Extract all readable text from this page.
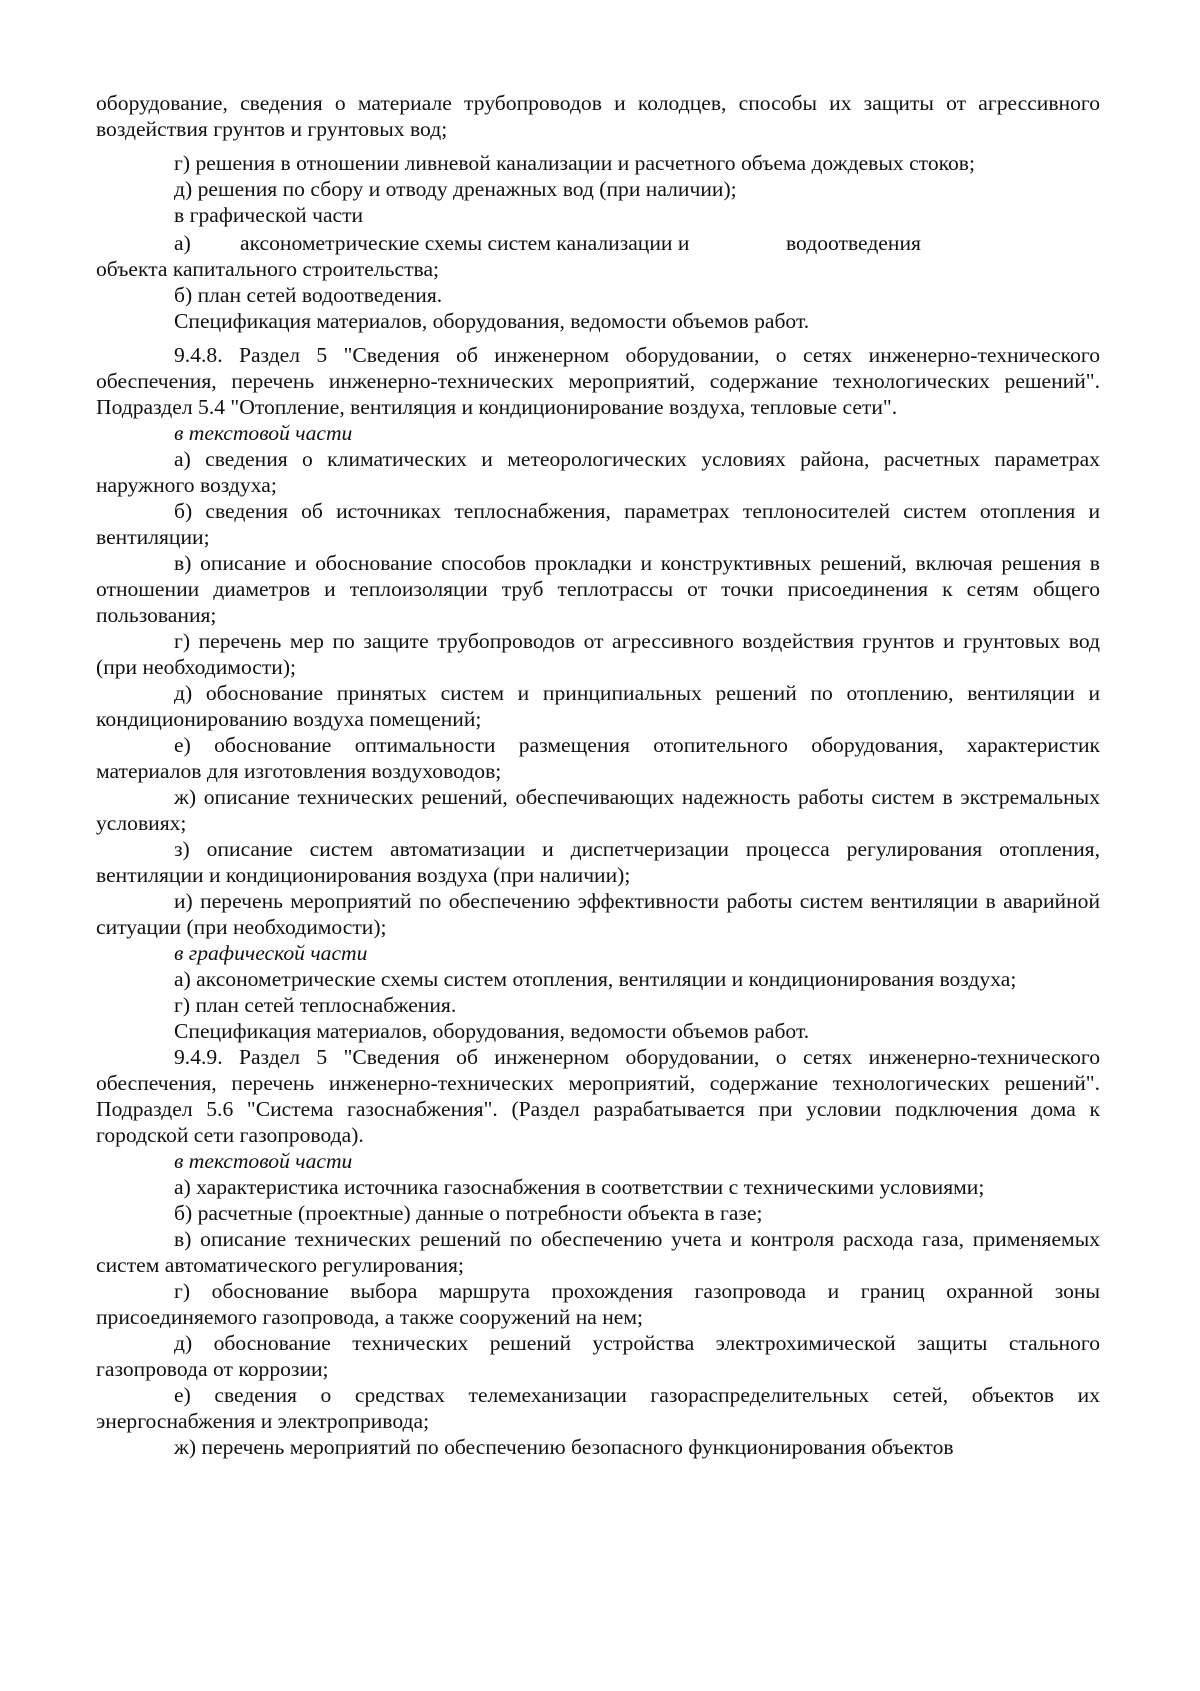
оборудование, сведения о материале трубопроводов и колодцев, способы их защиты от агрессивного воздействия грунтов и грунтовых вод;

г) решения в отношении ливневой канализации и расчетного объема дождевых стоков;

д) решения по сбору и отводу дренажных вод (при наличии);

в графической части

а)	аксонометрические схемы систем канализации и	водоотведения

объекта капитального строительства;

б) план сетей водоотведения.

Спецификация материалов, оборудования, ведомости объемов работ.

9.4.8. Раздел 5 "Сведения об инженерном оборудовании, о сетях инженерно-технического обеспечения, перечень инженерно-технических мероприятий, содержание технологических решений". Подраздел 5.4 "Отопление, вентиляция и кондиционирование воздуха, тепловые сети".

в текстовой части

а) сведения о климатических и метеорологических условиях района, расчетных параметрах наружного воздуха;

б) сведения об источниках теплоснабжения, параметрах теплоносителей систем отопления и вентиляции;

в) описание и обоснование способов прокладки и конструктивных решений, включая решения в отношении диаметров и теплоизоляции труб теплотрассы от точки присоединения к сетям общего пользования;

г) перечень мер по защите трубопроводов от агрессивного воздействия грунтов и грунтовых вод (при необходимости);

д) обоснование принятых систем и принципиальных решений по отоплению, вентиляции и кондиционированию воздуха помещений;

е) обоснование оптимальности размещения отопительного оборудования, характеристик материалов для изготовления воздуховодов;

ж) описание технических решений, обеспечивающих надежность работы систем в экстремальных условиях;

з) описание систем автоматизации и диспетчеризации процесса регулирования отопления, вентиляции и кондиционирования воздуха (при наличии);

и) перечень мероприятий по обеспечению эффективности работы систем вентиляции в аварийной ситуации (при необходимости);

в графической части

а) аксонометрические схемы систем отопления, вентиляции и кондиционирования воздуха;

г) план сетей теплоснабжения.

Спецификация материалов, оборудования, ведомости объемов работ.

9.4.9. Раздел 5 "Сведения об инженерном оборудовании, о сетях инженерно-технического обеспечения, перечень инженерно-технических мероприятий, содержание технологических решений". Подраздел 5.6 "Система газоснабжения". (Раздел разрабатывается при условии подключения дома к городской сети газопровода).

в текстовой части

а) характеристика источника газоснабжения в соответствии с техническими условиями;

б) расчетные (проектные) данные о потребности объекта в газе;

в) описание технических решений по обеспечению учета и контроля расхода газа, применяемых систем автоматического регулирования;

г) обоснование выбора маршрута прохождения газопровода и границ охранной зоны присоединяемого газопровода, а также сооружений на нем;

д) обоснование технических решений устройства электрохимической защиты стального газопровода от коррозии;

е) сведения о средствах телемеханизации газораспределительных сетей, объектов их энергоснабжения и электропривода;

ж) перечень мероприятий по обеспечению безопасного функционирования объектов
